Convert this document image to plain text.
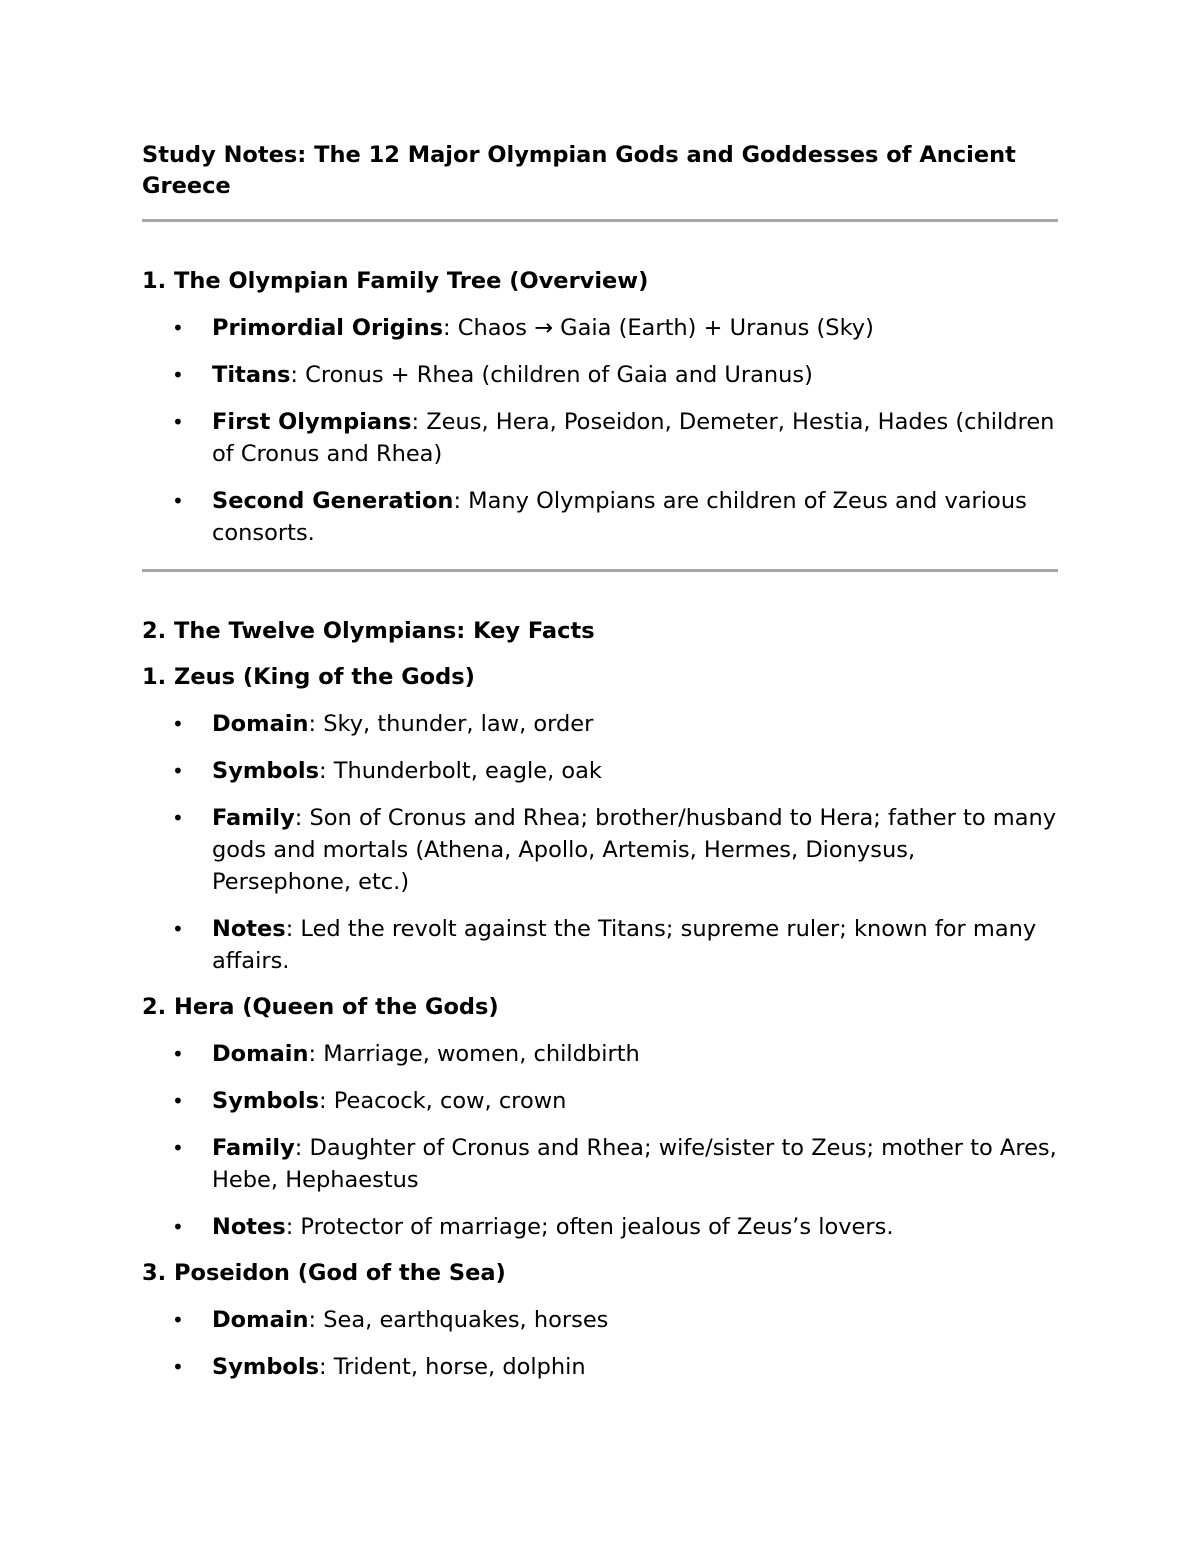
Study Notes: The 12 Major Olympian Gods and Goddesses of Ancient Greece
1. The Olympian Family Tree (Overview)
• Primordial Origins: Chaos → Gaia (Earth) + Uranus (Sky)
• Titans: Cronus + Rhea (children of Gaia and Uranus)
• First Olympians: Zeus, Hera, Poseidon, Demeter, Hestia, Hades (children of Cronus and Rhea)
• Second Generation: Many Olympians are children of Zeus and various consorts.
2. The Twelve Olympians: Key Facts
1. Zeus (King of the Gods)
• Domain: Sky, thunder, law, order
• Symbols: Thunderbolt, eagle, oak
• Family: Son of Cronus and Rhea; brother/husband to Hera; father to many gods and mortals (Athena, Apollo, Artemis, Hermes, Dionysus, Persephone, etc.)
• Notes: Led the revolt against the Titans; supreme ruler; known for many affairs.
2. Hera (Queen of the Gods)
• Domain: Marriage, women, childbirth
• Symbols: Peacock, cow, crown
• Family: Daughter of Cronus and Rhea; wife/sister to Zeus; mother to Ares, Hebe, Hephaestus
• Notes: Protector of marriage; often jealous of Zeus’s lovers.
3. Poseidon (God of the Sea)
• Domain: Sea, earthquakes, horses
• Symbols: Trident, horse, dolphin
